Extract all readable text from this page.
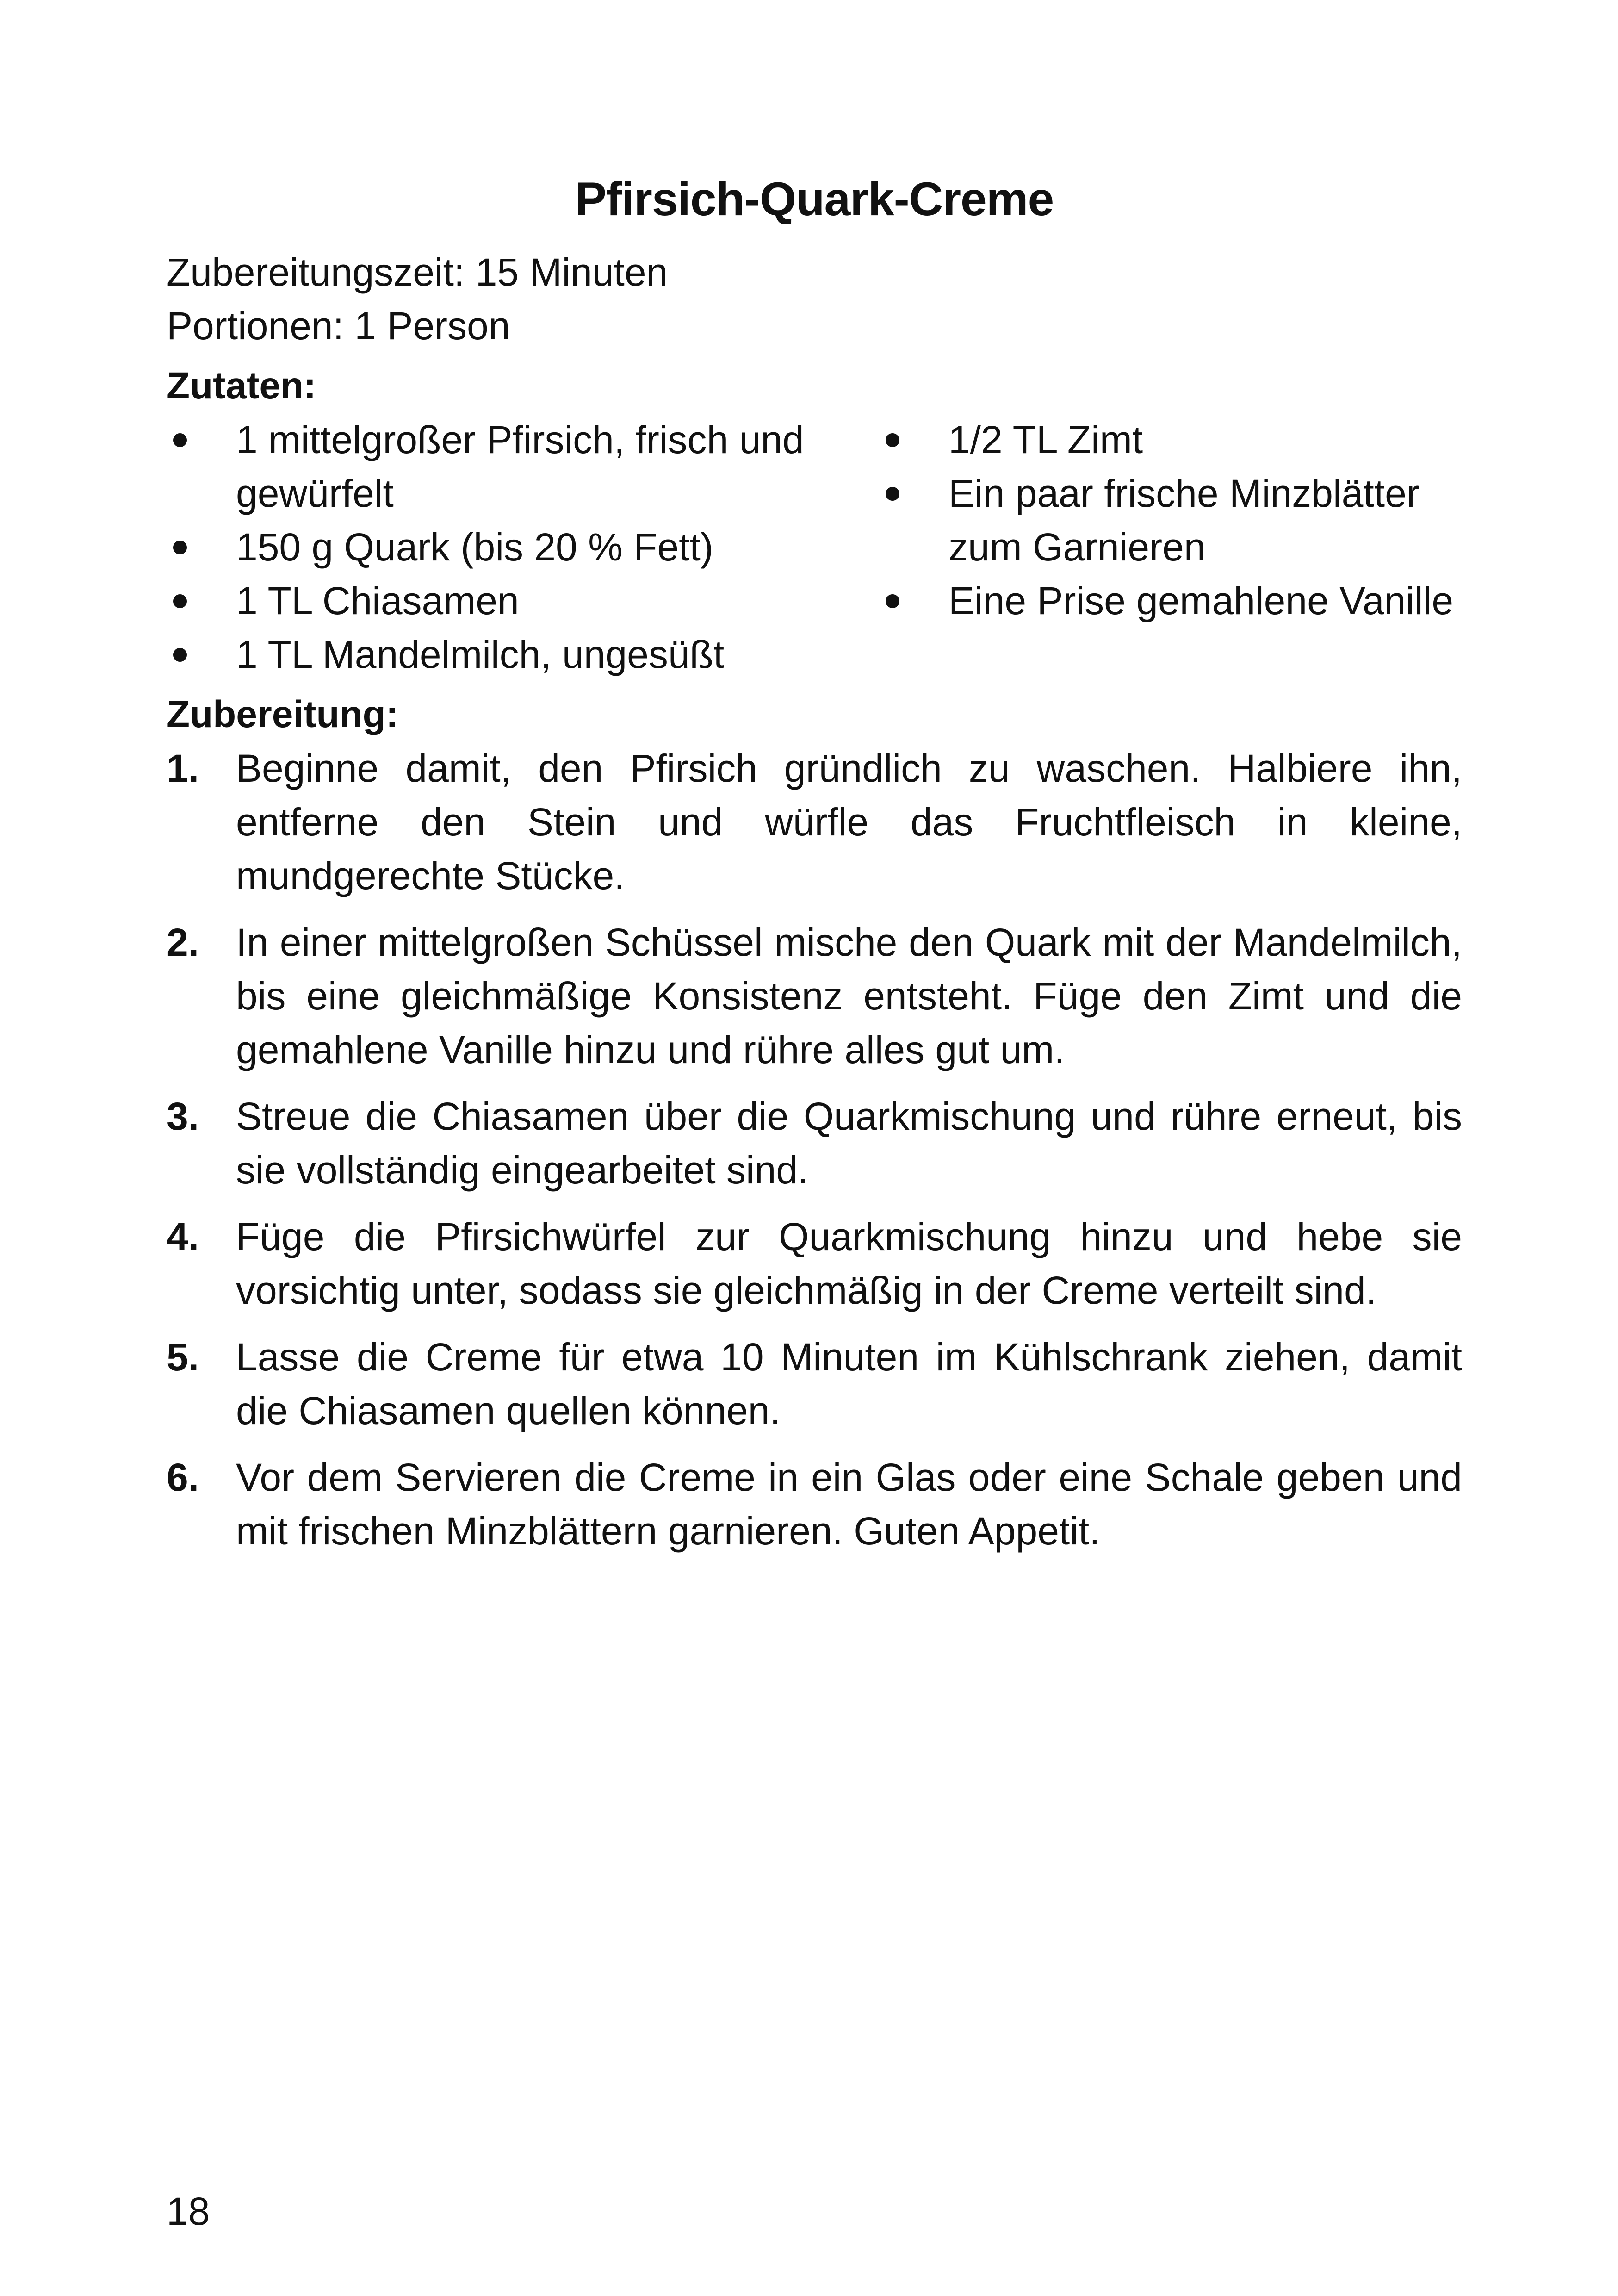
Pfirsich-Quark-Creme

Zubereitungszeit: 15 Minuten

Portionen: 1 Person

Zutaten:
1 mittelgroßer Pfirsich, frisch und gewürfelt
150 g Quark (bis 20 % Fett)
1 TL Chiasamen
1 TL Mandelmilch, ungesüßt
1/2 TL Zimt
Ein paar frische Minzblätter zum Garnieren
Eine Prise gemahlene Vanille
Zubereitung:
1. Beginne damit, den Pfirsich gründlich zu waschen. Halbiere ihn, entferne den Stein und würfle das Fruchtfleisch in kleine, mundgerechte Stücke.
2. In einer mittelgroßen Schüssel mische den Quark mit der Mandelmilch, bis eine gleichmäßige Konsistenz entsteht. Füge den Zimt und die gemahlene Vanille hinzu und rühre alles gut um.
3. Streue die Chiasamen über die Quarkmischung und rühre erneut, bis sie vollständig eingearbeitet sind.
4. Füge die Pfirsichwürfel zur Quarkmischung hinzu und hebe sie vorsichtig unter, sodass sie gleichmäßig in der Creme verteilt sind.
5. Lasse die Creme für etwa 10 Minuten im Kühlschrank ziehen, damit die Chiasamen quellen können.
6. Vor dem Servieren die Creme in ein Glas oder eine Schale geben und mit frischen Minzblättern garnieren. Guten Appetit.
18
